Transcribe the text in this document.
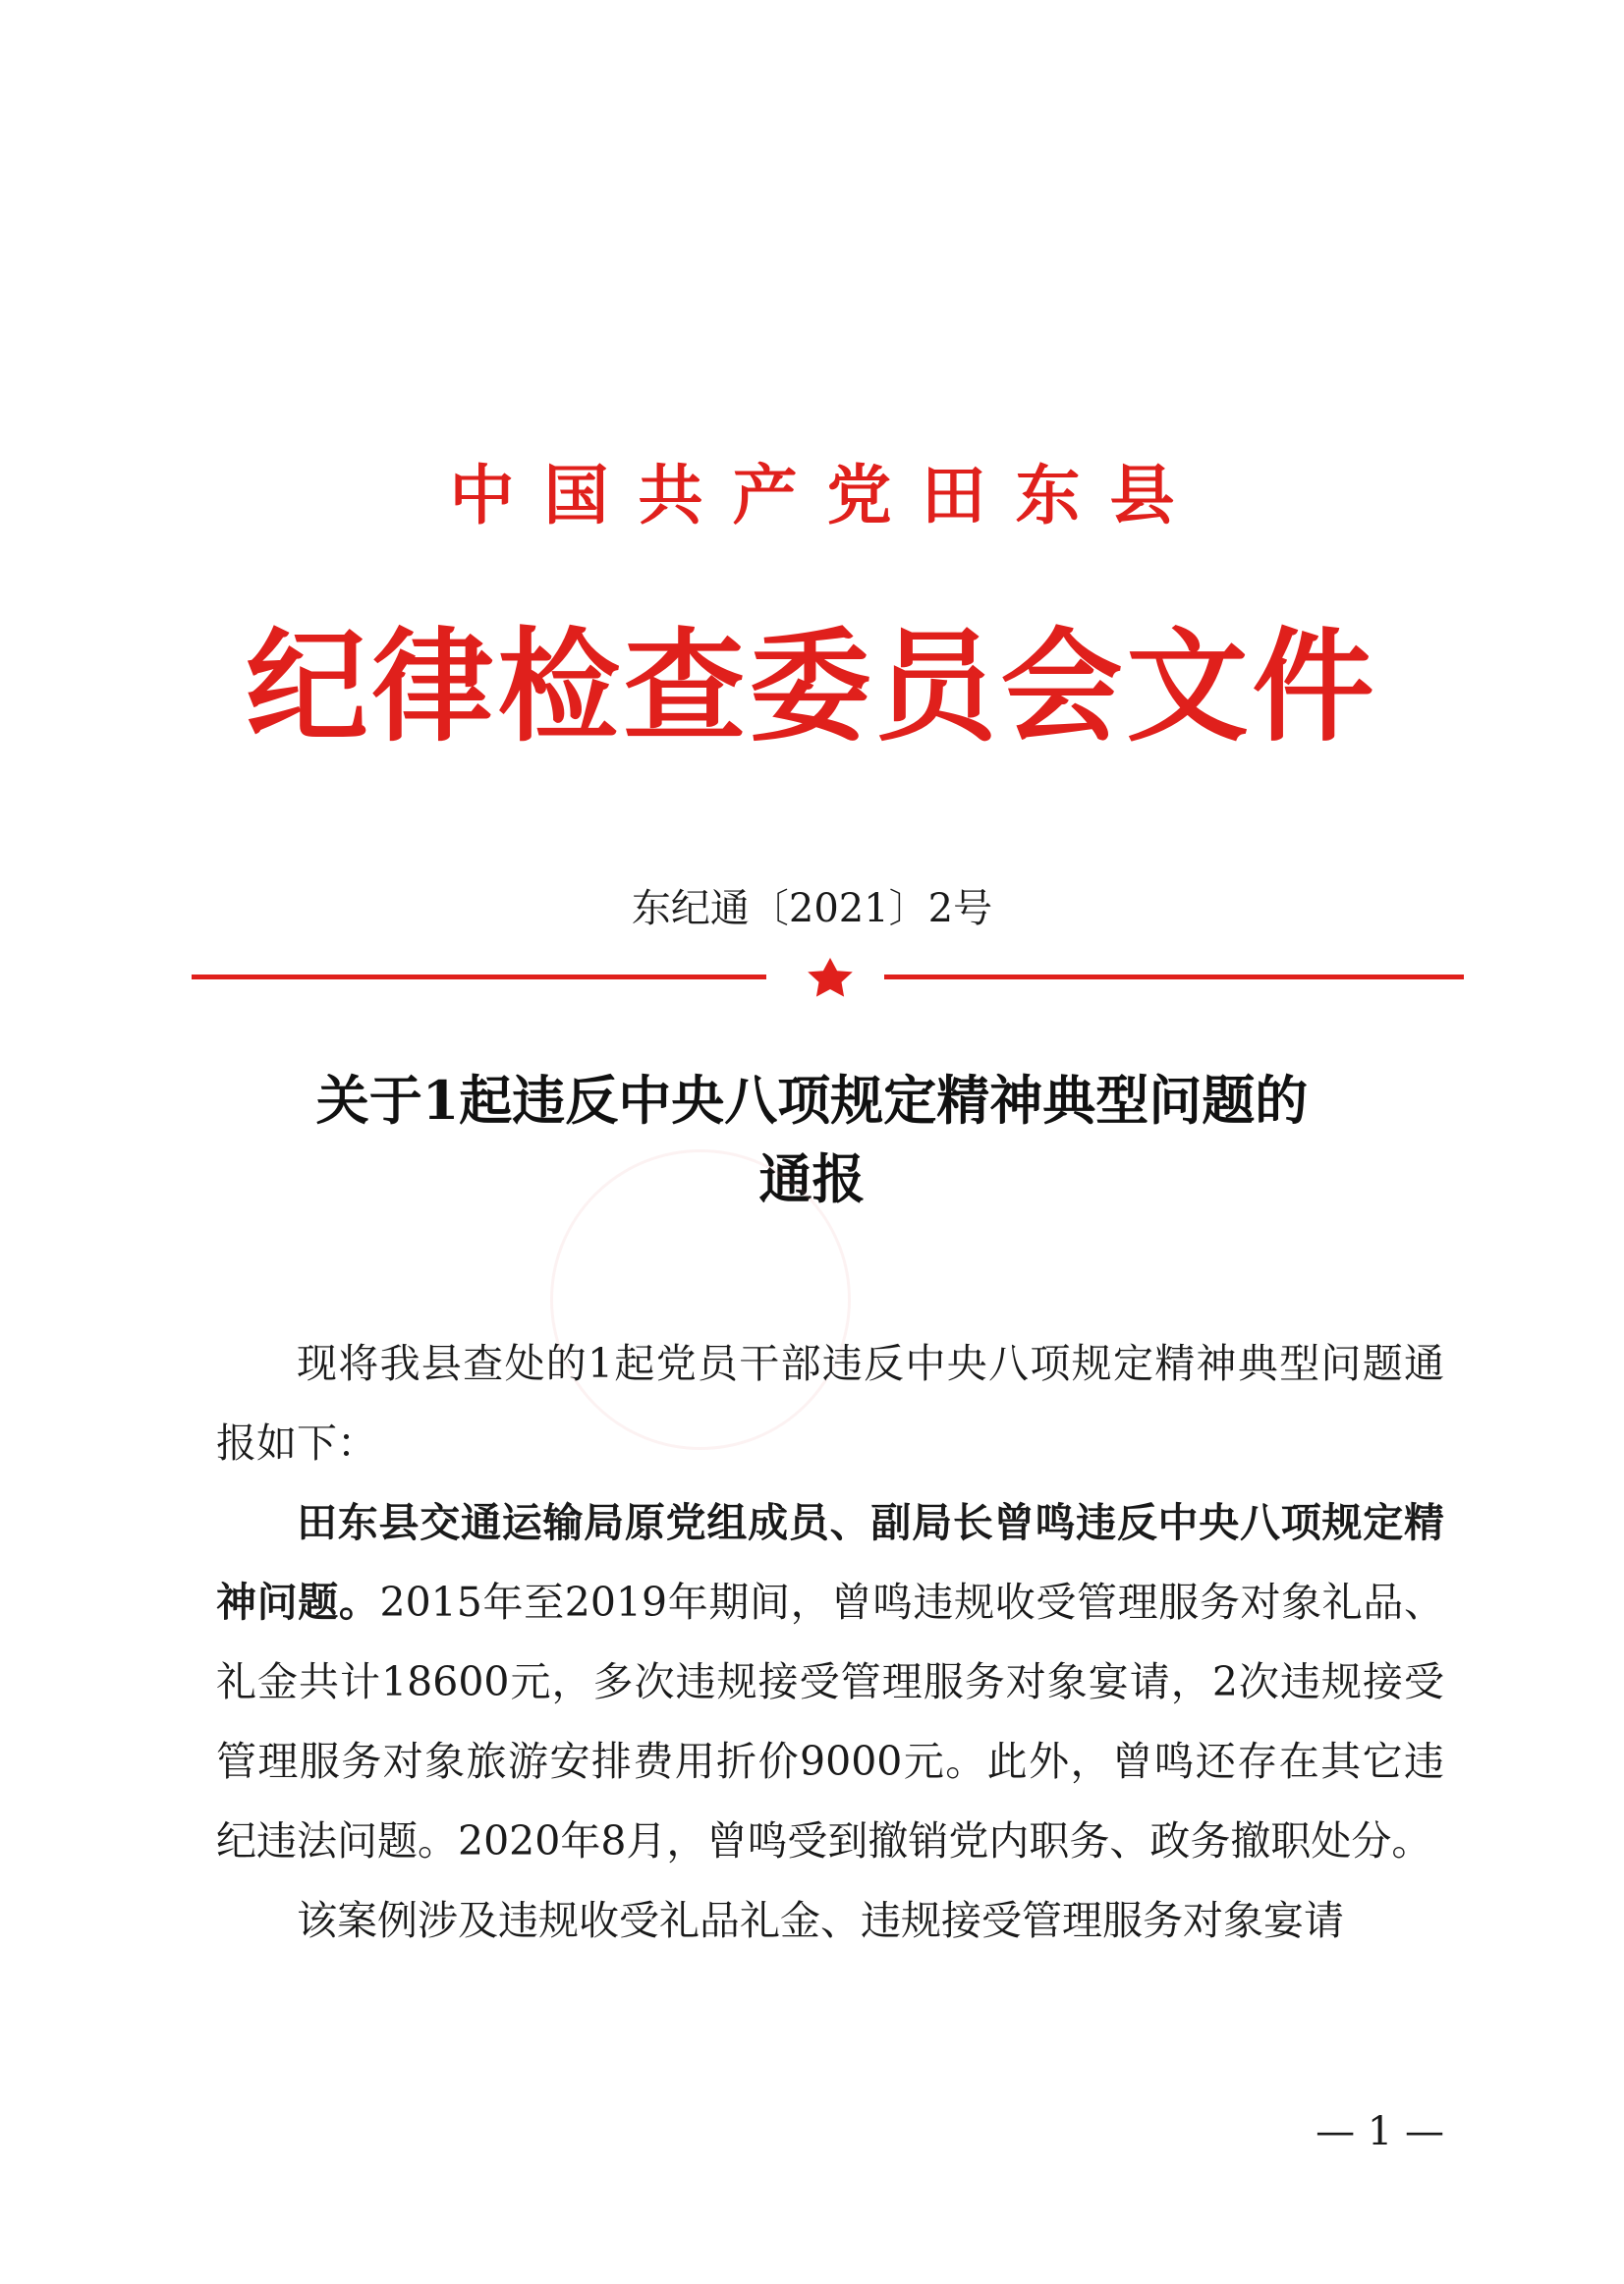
中国共产党田东县
纪律检查委员会文件
东纪通〔2021〕2号
关于1起违反中央八项规定精神典型问题的
通报

现将我县查处的1起党员干部违反中央八项规定精神典型问题通报如下：

田东县交通运输局原党组成员、副局长曾鸣违反中央八项规定精神问题。2015年至2019年期间，曾鸣违规收受管理服务对象礼品、礼金共计18600元，多次违规接受管理服务对象宴请，2次违规接受管理服务对象旅游安排费用折价9000元。此外，曾鸣还存在其它违纪违法问题。2020年8月，曾鸣受到撤销党内职务、政务撤职处分。

该案例涉及违规收受礼品礼金、违规接受管理服务对象宴请

— 1 —
